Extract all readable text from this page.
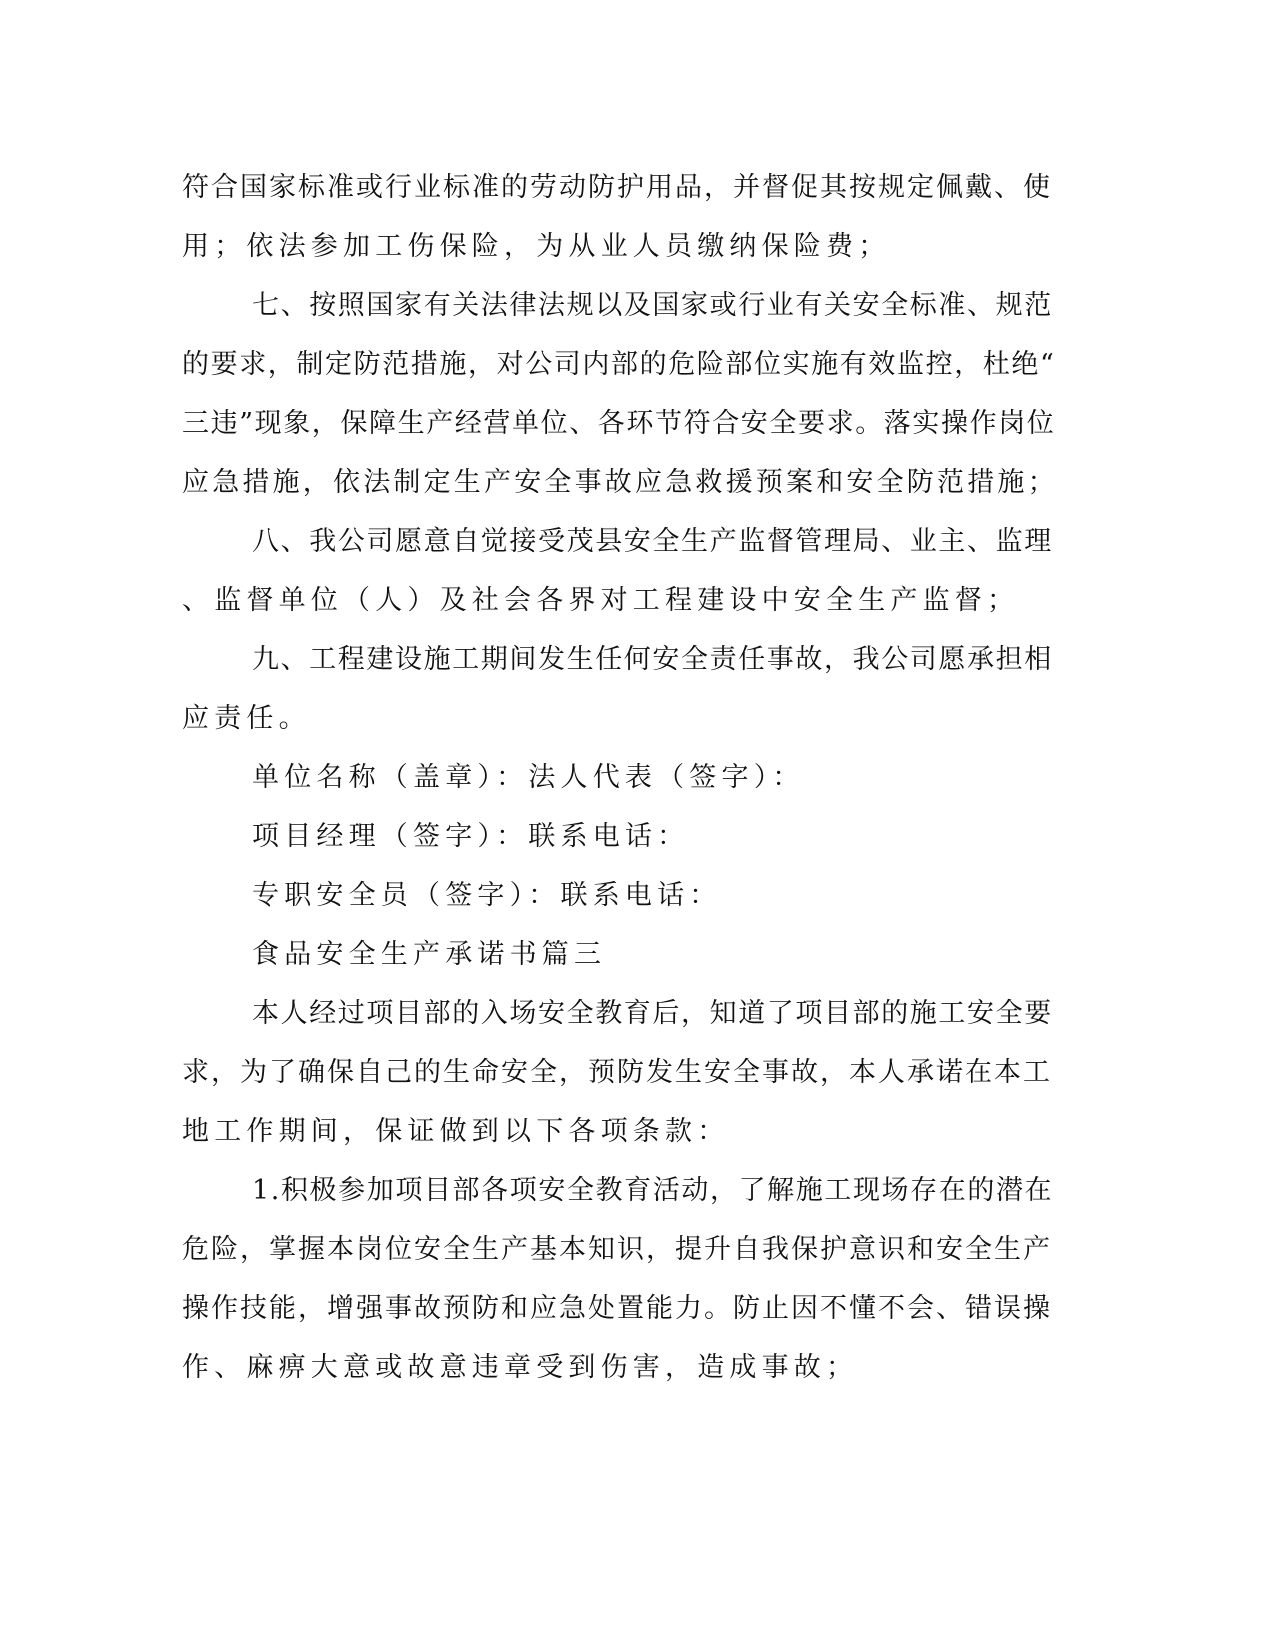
符合国家标准或行业标准的劳动防护用品，并督促其按规定佩戴、使
用；依法参加工伤保险，为从业人员缴纳保险费；
七、按照国家有关法律法规以及国家或行业有关安全标准、规范
的要求，制定防范措施，对公司内部的危险部位实施有效监控，杜绝“
三违”现象，保障生产经营单位、各环节符合安全要求。落实操作岗位
应急措施，依法制定生产安全事故应急救援预案和安全防范措施；
八、我公司愿意自觉接受茂县安全生产监督管理局、业主、监理
、监督单位（人）及社会各界对工程建设中安全生产监督；
九、工程建设施工期间发生任何安全责任事故，我公司愿承担相
应责任。
单位名称（盖章）：法人代表（签字）：
项目经理（签字）：联系电话：
专职安全员（签字）：联系电话：
食品安全生产承诺书篇三
本人经过项目部的入场安全教育后，知道了项目部的施工安全要
求，为了确保自己的生命安全，预防发生安全事故，本人承诺在本工
地工作期间，保证做到以下各项条款：
1.积极参加项目部各项安全教育活动，了解施工现场存在的潜在
危险，掌握本岗位安全生产基本知识，提升自我保护意识和安全生产
操作技能，增强事故预防和应急处置能力。防止因不懂不会、错误操
作、麻痹大意或故意违章受到伤害，造成事故；
